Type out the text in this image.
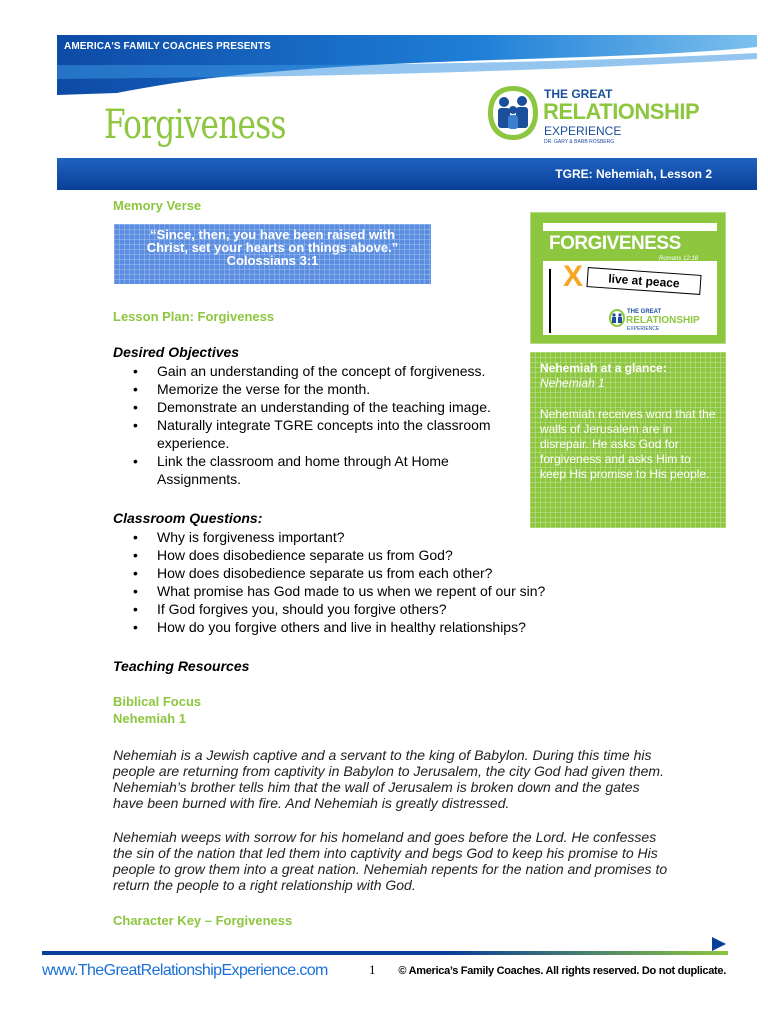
AMERICA'S FAMILY COACHES PRESENTS
Forgiveness
THE GREAT
RELATIONSHIP
EXPERIENCE
DR. GARY & BARB ROSBERG
TGRE: Nehemiah, Lesson 2
Memory Verse
“Since, then, you have been raised with
Christ, set your hearts on things above.”
Colossians 3:1
FORGIVENESS
Romans 12:18
X	live at peace
THE GREAT
RELATIONSHIP
EXPERIENCE
Nehemiah at a glance:
Nehemiah 1
Nehemiah receives word that the walls of Jerusalem are in disrepair. He asks God for forgiveness and asks Him to keep His promise to His people.
Lesson Plan: Forgiveness
Desired Objectives
• Gain an understanding of the concept of forgiveness.
• Memorize the verse for the month.
• Demonstrate an understanding of the teaching image.
• Naturally integrate TGRE concepts into the classroom experience.
• Link the classroom and home through At Home Assignments.
Classroom Questions:
• Why is forgiveness important?
• How does disobedience separate us from God?
• How does disobedience separate us from each other?
• What promise has God made to us when we repent of our sin?
• If God forgives you, should you forgive others?
• How do you forgive others and live in healthy relationships?
Teaching Resources
Biblical Focus
Nehemiah 1
Nehemiah is a Jewish captive and a servant to the king of Babylon. During this time his people are returning from captivity in Babylon to Jerusalem, the city God had given them. Nehemiah’s brother tells him that the wall of Jerusalem is broken down and the gates have been burned with fire. And Nehemiah is greatly distressed.
Nehemiah weeps with sorrow for his homeland and goes before the Lord. He confesses the sin of the nation that led them into captivity and begs God to keep his promise to His people to grow them into a great nation. Nehemiah repents for the nation and promises to return the people to a right relationship with God.
Character Key – Forgiveness
www.TheGreatRelationshipExperience.com	1 © America’s Family Coaches. All rights reserved. Do not duplicate.
